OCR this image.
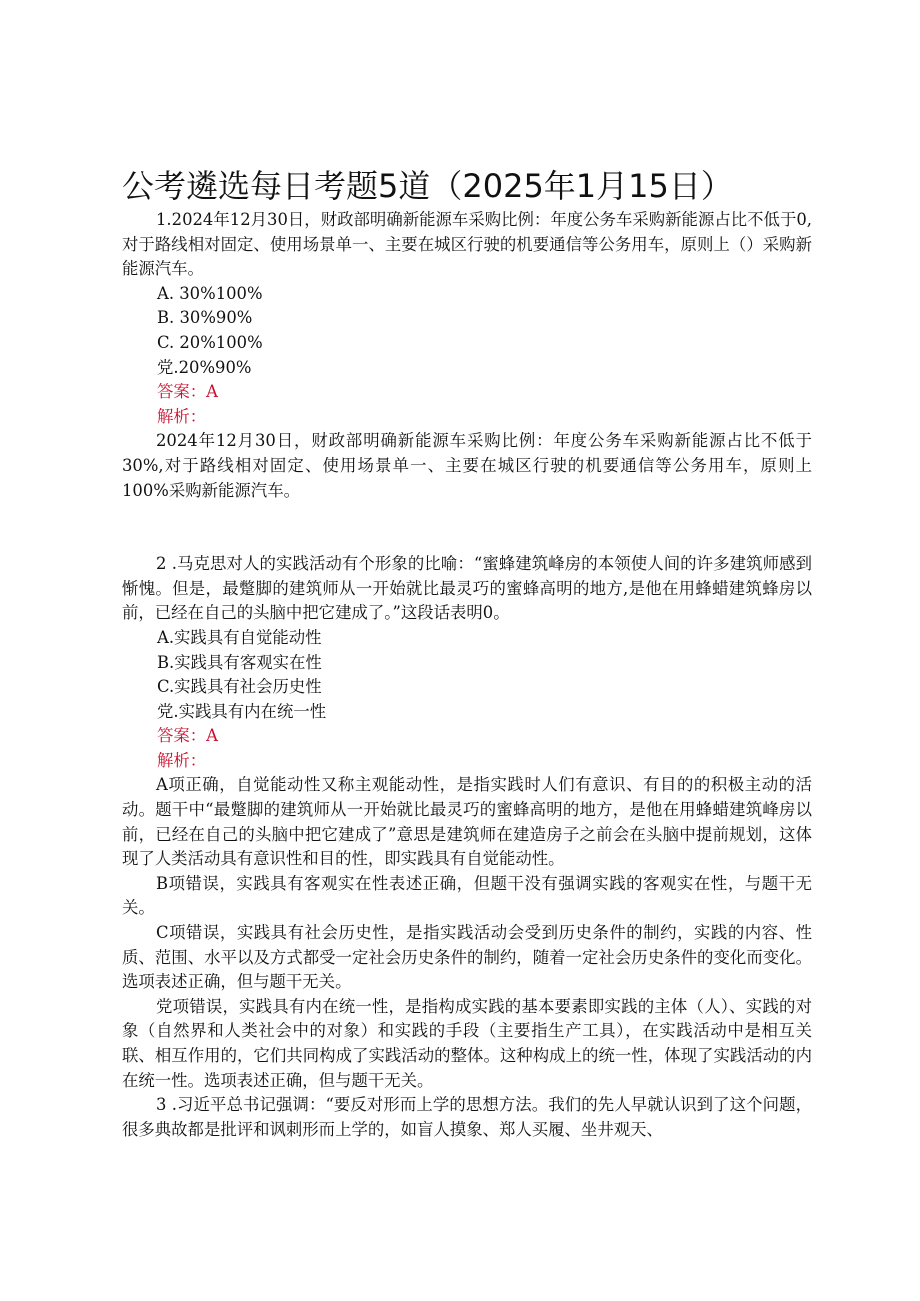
公考遴选每日考题5道（2025年1月15日）

1.2024年12月30日，财政部明确新能源车采购比例：年度公务车采购新能源占比不低于0,对于路线相对固定、使用场景单一、主要在城区行驶的机要通信等公务用车，原则上（）采购新能源汽车。

A. 30%100%

B. 30%90%

C. 20%100%

党.20%90%

答案：A

解析：

2024年12月30日，财政部明确新能源车采购比例：年度公务车采购新能源占比不低于30%,对于路线相对固定、使用场景单一、主要在城区行驶的机要通信等公务用车，原则上100%采购新能源汽车。

2 .马克思对人的实践活动有个形象的比喻：“蜜蜂建筑峰房的本领使人间的许多建筑师感到惭愧。但是，最蹩脚的建筑师从一开始就比最灵巧的蜜蜂高明的地方,是他在用蜂蜡建筑蜂房以前，已经在自己的头脑中把它建成了。”这段话表明0。

A.实践具有自觉能动性

B.实践具有客观实在性

C.实践具有社会历史性

党.实践具有内在统一性

答案：A

解析：

A项正确，自觉能动性又称主观能动性，是指实践时人们有意识、有目的的积极主动的活动。题干中“最蹩脚的建筑师从一开始就比最灵巧的蜜蜂高明的地方，是他在用蜂蜡建筑峰房以前，已经在自己的头脑中把它建成了”意思是建筑师在建造房子之前会在头脑中提前规划，这体现了人类活动具有意识性和目的性，即实践具有自觉能动性。

B项错误，实践具有客观实在性表述正确，但题干没有强调实践的客观实在性，与题干无关。

C项错误，实践具有社会历史性，是指实践活动会受到历史条件的制约，实践的内容、性质、范围、水平以及方式都受一定社会历史条件的制约，随着一定社会历史条件的变化而变化。选项表述正确，但与题干无关。

党项错误，实践具有内在统一性，是指构成实践的基本要素即实践的主体（人）、实践的对象（自然界和人类社会中的对象）和实践的手段（主要指生产工具），在实践活动中是相互关联、相互作用的，它们共同构成了实践活动的整体。这种构成上的统一性，体现了实践活动的内在统一性。选项表述正确，但与题干无关。

3 .习近平总书记强调：“要反对形而上学的思想方法。我们的先人早就认识到了这个问题，很多典故都是批评和讽刺形而上学的，如盲人摸象、郑人买履、坐井观天、
